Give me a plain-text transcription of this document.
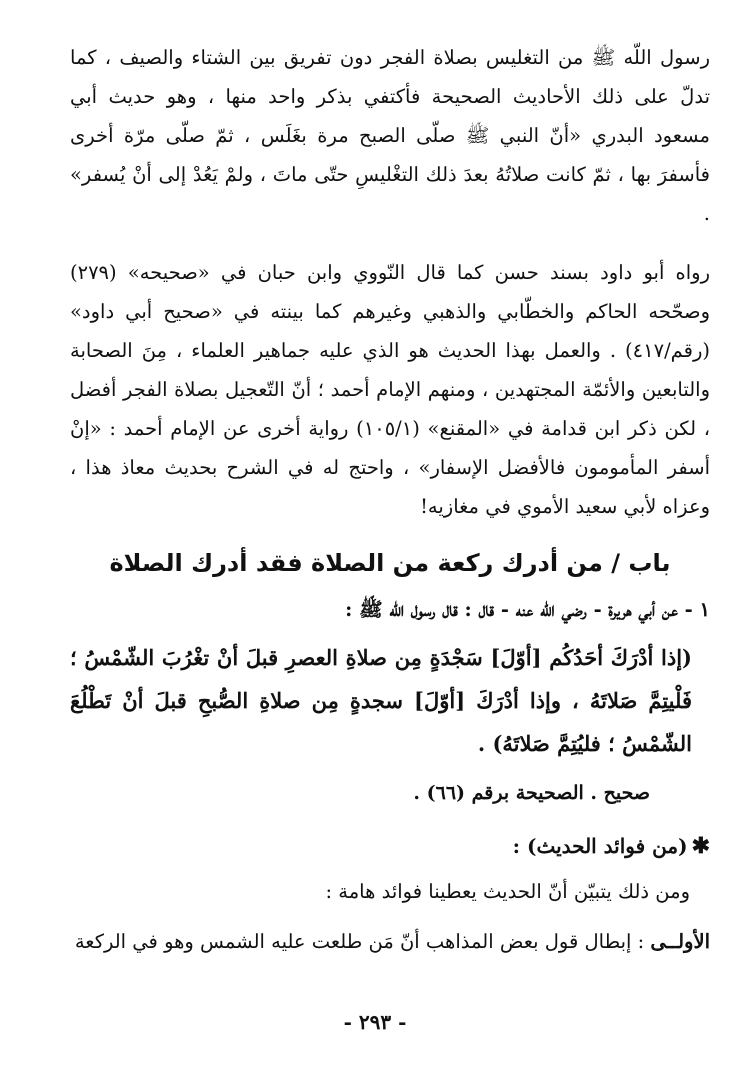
رسول اللّه ﷺ من التغليس بصلاة الفجر دون تفريق بين الشتاء والصيف ، كما تدلّ على ذلك الأحاديث الصحيحة فأكتفي بذكر واحد منها ، وهو حديث أبي مسعود البدري «أنّ النبي ﷺ صلّى الصبح مرة بغَلَس ، ثمّ صلّى مرّة أخرى فأسفرَ بها ، ثمّ كانت صلاتُهُ بعدَ ذلك التغْليسِ حتّى ماتَ ، ولمْ يَعُدْ إلى أنْ يُسفر» .

رواه أبو داود بسند حسن كما قال النّووي وابن حبان في «صحيحه» (٢٧٩) وصحّحه الحاكم والخطّابي والذهبي وغيرهم كما بينته في «صحيح أبي داود» (رقم/٤١٧) . والعمل بهذا الحديث هو الذي عليه جماهير العلماء ، مِنَ الصحابة والتابعين والأئمّة المجتهدين ، ومنهم الإمام أحمد ؛ أنّ التّعجيل بصلاة الفجر أفضل ، لكن ذكر ابن قدامة في «المقنع» (١٠٥/١) رواية أخرى عن الإمام أحمد : «إنْ أسفر المأمومون فالأفضل الإسفار» ، واحتج له في الشرح بحديث معاذ هذا ، وعزاه لأبي سعيد الأموي في مغازيه!

باب / من أدرك ركعة من الصلاة فقد أدرك الصلاة

١ - عن أبي هريرة - رضي الله عنه - قال : قال رسول اللّه ﷺ :

(إذا أدْرَكَ أحَدُكُم [أوّلَ] سَجْدَةٍ مِن صلاةِ العصرِ قبلَ أنْ تغْرُبَ الشّمْسُ ؛ فَلْيتِمَّ صَلاتَهُ ، وإذا أدْرَكَ [أوّلَ] سجدةٍ مِن صلاةِ الصُّبحِ قبلَ أنْ تَطْلُعَ الشّمْسُ ؛ فليُتِمَّ صَلاتَهُ) .

صحيح . الصحيحة برقم (٦٦) .

✱(من فوائد الحديث) :

ومن ذلك يتبيّن أنّ الحديث يعطينا فوائد هامة :

الأولــى : إبطال قول بعض المذاهب أنّ مَن طلعت عليه الشمس وهو في الركعة

- ٢٩٣ -
